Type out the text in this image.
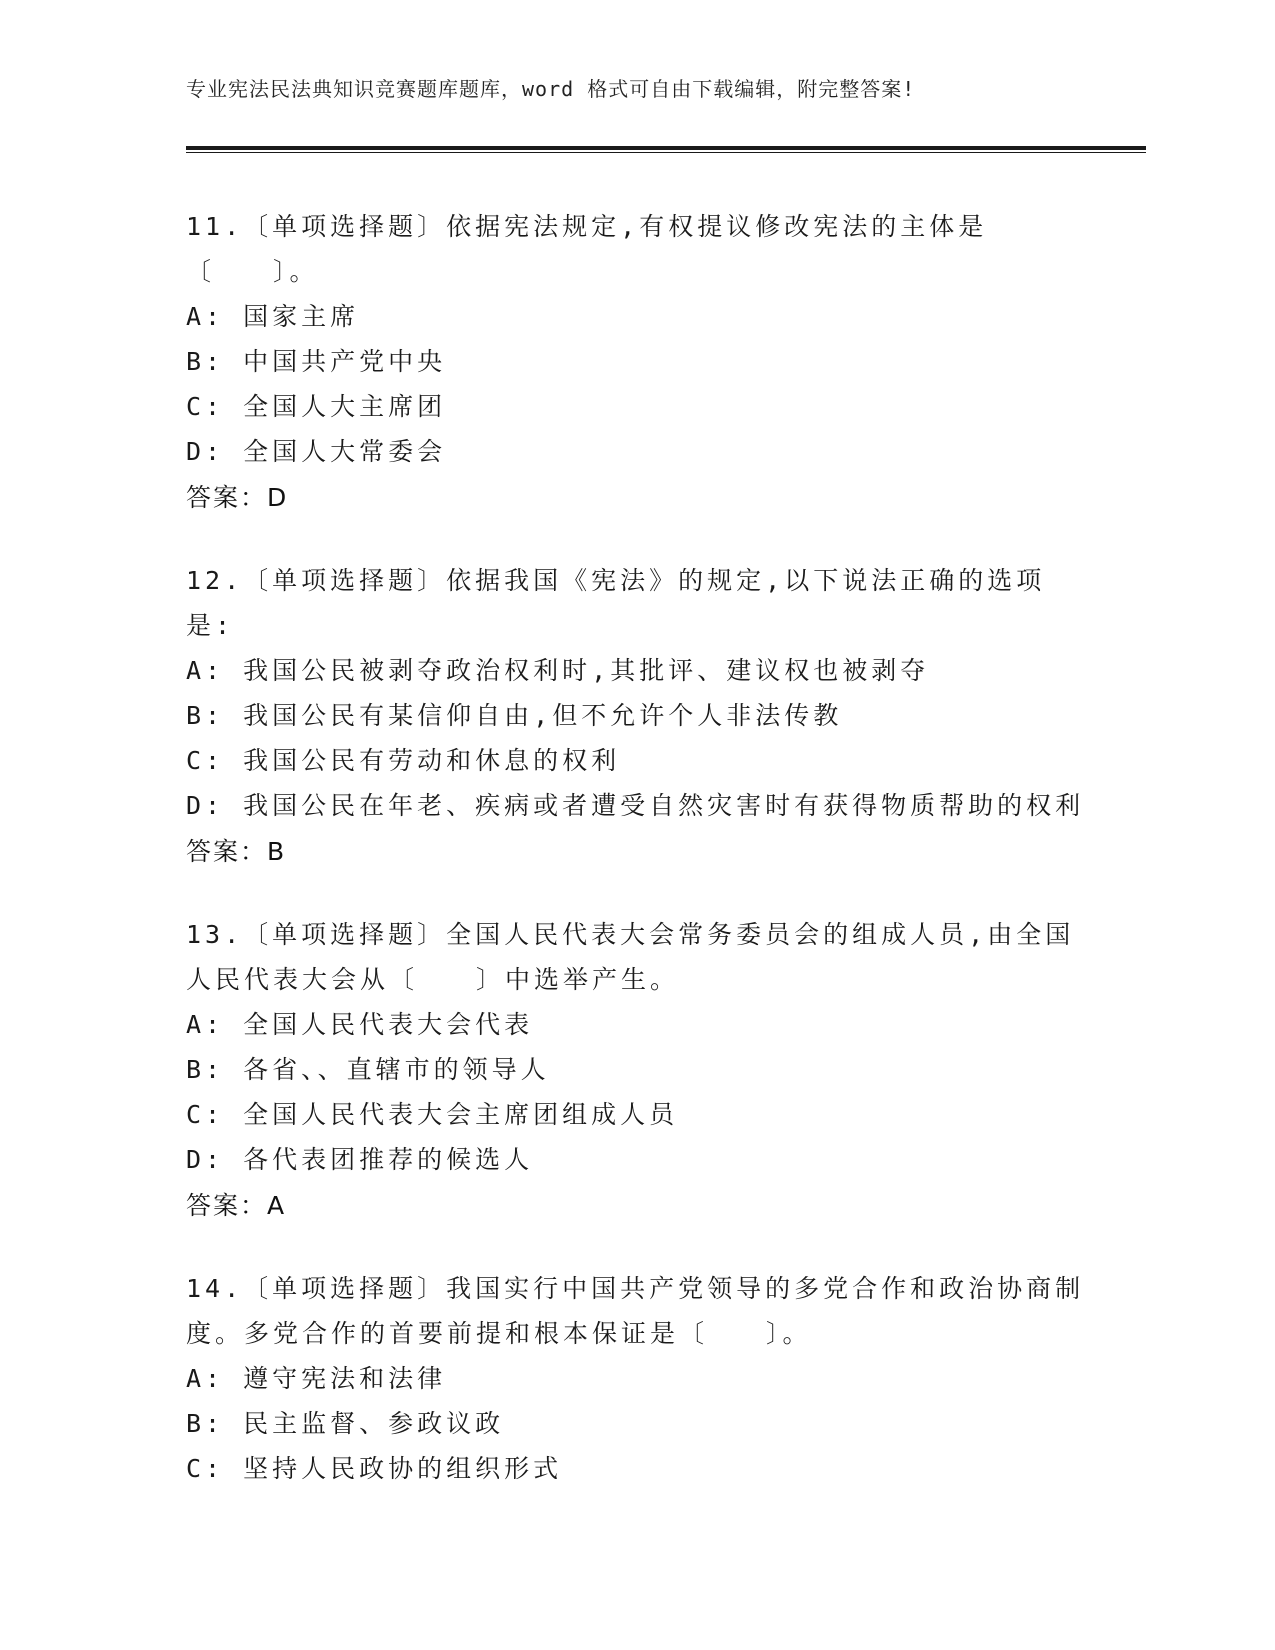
专业宪法民法典知识竞赛题库题库，word 格式可自由下载编辑，附完整答案!
11.〔单项选择题〕依据宪法规定,有权提议修改宪法的主体是〔　　〕。
A: 国家主席
B: 中国共产党中央
C: 全国人大主席团
D: 全国人大常委会
答案：D
12.〔单项选择题〕依据我国《宪法》的规定,以下说法正确的选项是:
A: 我国公民被剥夺政治权利时,其批评、建议权也被剥夺
B: 我国公民有某信仰自由,但不允许个人非法传教
C: 我国公民有劳动和休息的权利
D: 我国公民在年老、疾病或者遭受自然灾害时有获得物质帮助的权利
答案：B
13.〔单项选择题〕全国人民代表大会常务委员会的组成人员,由全国人民代表大会从〔　　〕中选举产生。
A: 全国人民代表大会代表
B: 各省、、直辖市的领导人
C: 全国人民代表大会主席团组成人员
D: 各代表团推荐的候选人
答案：A
14.〔单项选择题〕我国实行中国共产党领导的多党合作和政治协商制度。多党合作的首要前提和根本保证是〔　　〕。
A: 遵守宪法和法律
B: 民主监督、参政议政
C: 坚持人民政协的组织形式
